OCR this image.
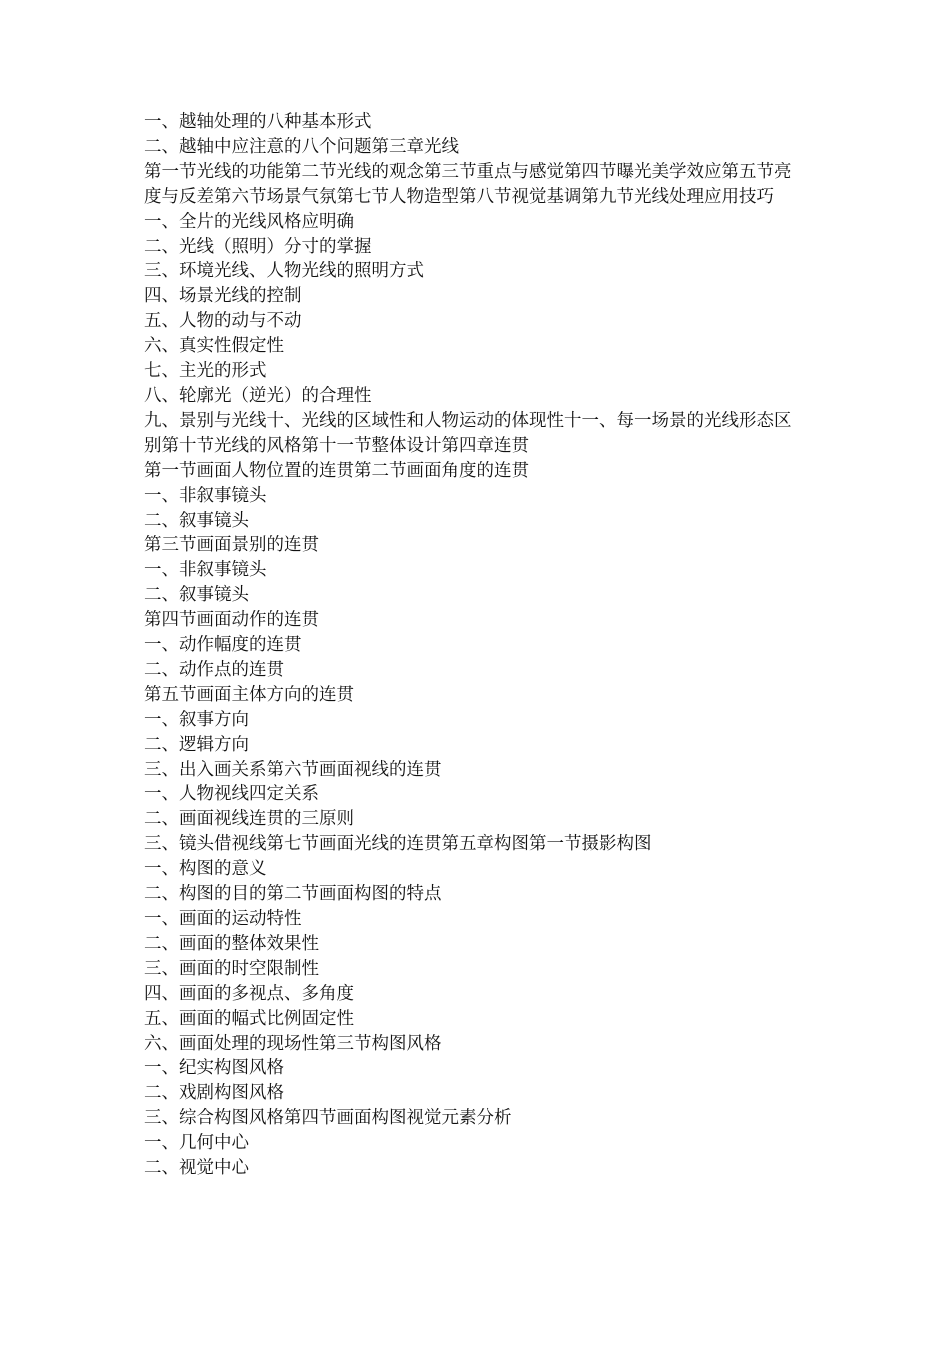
一、越轴处理的八种基本形式

二、越轴中应注意的八个问题第三章光线

第一节光线的功能第二节光线的观念第三节重点与感觉第四节曝光美学效应第五节亮度与反差第六节场景气氛第七节人物造型第八节视觉基调第九节光线处理应用技巧

一、全片的光线风格应明确

二、光线（照明）分寸的掌握

三、环境光线、人物光线的照明方式

四、场景光线的控制

五、人物的动与不动

六、真实性假定性

七、主光的形式

八、轮廓光（逆光）的合理性

九、景别与光线十、光线的区域性和人物运动的体现性十一、每一场景的光线形态区别第十节光线的风格第十一节整体设计第四章连贯

第一节画面人物位置的连贯第二节画面角度的连贯

一、非叙事镜头

二、叙事镜头

第三节画面景别的连贯

一、非叙事镜头

二、叙事镜头

第四节画面动作的连贯

一、动作幅度的连贯

二、动作点的连贯

第五节画面主体方向的连贯

一、叙事方向

二、逻辑方向

三、出入画关系第六节画面视线的连贯

一、人物视线四定关系

二、画面视线连贯的三原则

三、镜头借视线第七节画面光线的连贯第五章构图第一节摄影构图

一、构图的意义

二、构图的目的第二节画面构图的特点

一、画面的运动特性

二、画面的整体效果性

三、画面的时空限制性

四、画面的多视点、多角度

五、画面的幅式比例固定性

六、画面处理的现场性第三节构图风格

一、纪实构图风格

二、戏剧构图风格

三、综合构图风格第四节画面构图视觉元素分析

一、几何中心

二、视觉中心
